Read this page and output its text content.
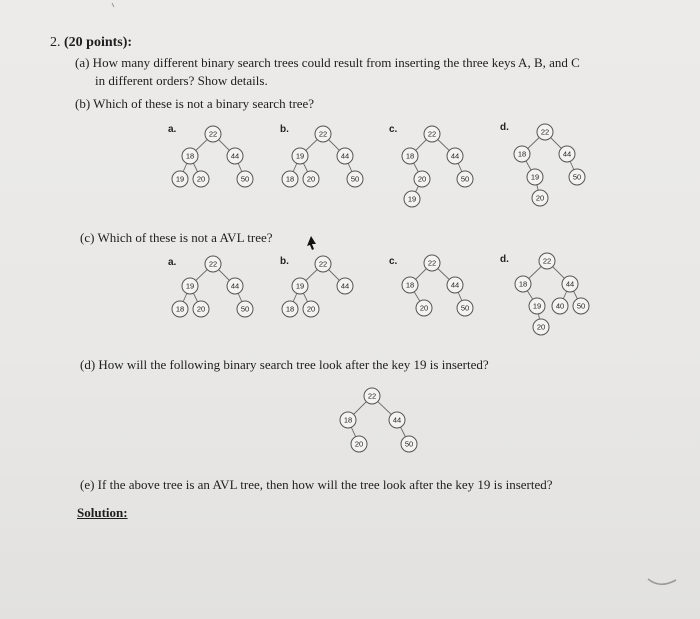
2. (20 points):
(a) How many different binary search trees could result from inserting the three keys A, B, and C
in different orders? Show details.
(b) Which of these is not a binary search tree?
(c) Which of these is not a AVL tree?
(d) How will the following binary search tree look after the key 19 is inserted?
(e) If the above tree is an AVL tree, then how will the tree look after the key 19 is inserted?
Solution:
a.	22
18	44
19 20	50
b.	22
19	44
18 20	50
c.	22
18	44
20
19
50
d.	22
18	44
19
20
50
a.	22
19	44
18 20	50
b.	22
19	44
18 20
c.	22
18	44
20	50
d.	22
18	44
19 40 50
20
22
18	44
20	50
